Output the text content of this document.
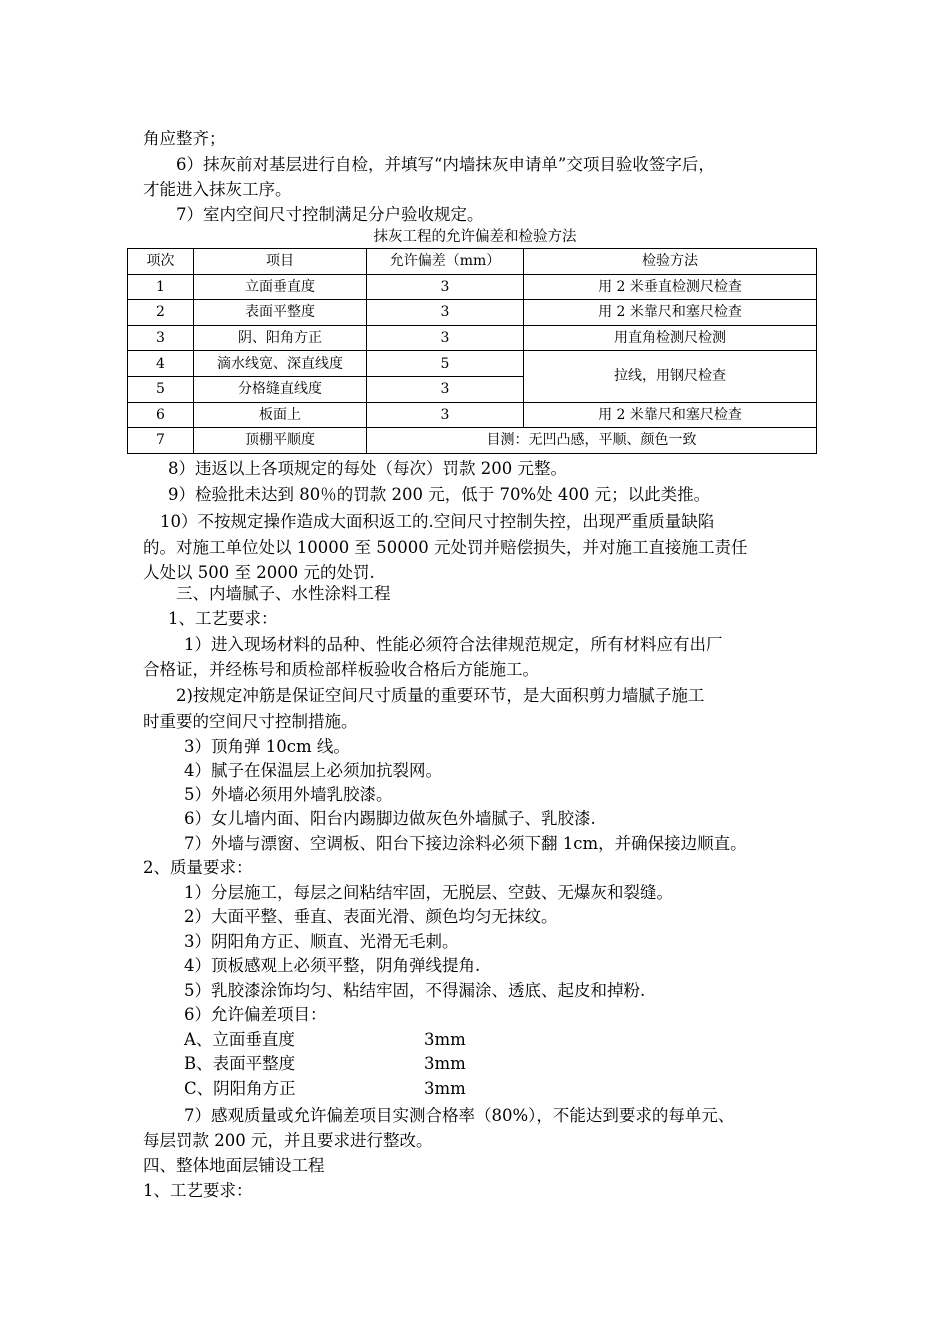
角应整齐；
6）抹灰前对基层进行自检，并填写“内墙抹灰申请单”交项目验收签字后，
才能进入抹灰工序。
7）室内空间尺寸控制满足分户验收规定。
抹灰工程的允许偏差和检验方法
项次	项目	允许偏差（mm）	检验方法
1	立面垂直度	3	用 2 米垂直检测尺检查
2	表面平整度	3	用 2 米靠尺和塞尺检查
3	阴、阳角方正	3	用直角检测尺检测
4	滴水线宽、深直线度	5	拉线，用钢尺检查
5	分格缝直线度	3	
6	板面上	3	用 2 米靠尺和塞尺检查
7	顶棚平顺度	目测：无凹凸感，平顺、颜色一致	
8）违返以上各项规定的每处（每次）罚款 200 元整。
9）检验批未达到 80％的罚款 200 元，低于 70%处 400 元；以此类推。
10）不按规定操作造成大面积返工的.空间尺寸控制失控，出现严重质量缺陷
的。对施工单位处以 10000 至 50000 元处罚并赔偿损失，并对施工直接施工责任
人处以 500 至 2000 元的处罚.
三、内墙腻子、水性涂料工程
1、工艺要求：
1）进入现场材料的品种、性能必须符合法律规范规定，所有材料应有出厂
合格证，并经栋号和质检部样板验收合格后方能施工。
2)按规定冲筋是保证空间尺寸质量的重要环节，是大面积剪力墙腻子施工
时重要的空间尺寸控制措施。
3）顶角弹 10cm 线。
4）腻子在保温层上必须加抗裂网。
5）外墙必须用外墙乳胶漆。
6）女儿墙内面、阳台内踢脚边做灰色外墙腻子、乳胶漆.
7）外墙与漂窗、空调板、阳台下接边涂料必须下翻 1cm，并确保接边顺直。
2、质量要求：
1）分层施工，每层之间粘结牢固，无脱层、空鼓、无爆灰和裂缝。
2）大面平整、垂直、表面光滑、颜色均匀无抹纹。
3）阴阳角方正、顺直、光滑无毛刺。
4）顶板感观上必须平整，阴角弹线提角.
5）乳胶漆涂饰均匀、粘结牢固，不得漏涂、透底、起皮和掉粉.
6）允许偏差项目：
A、立面垂直度	3mm
B、表面平整度	3mm
C、阴阳角方正	3mm
7）感观质量或允许偏差项目实测合格率（80%），不能达到要求的每单元、
每层罚款 200 元，并且要求进行整改。
四、整体地面层铺设工程
1、工艺要求：
